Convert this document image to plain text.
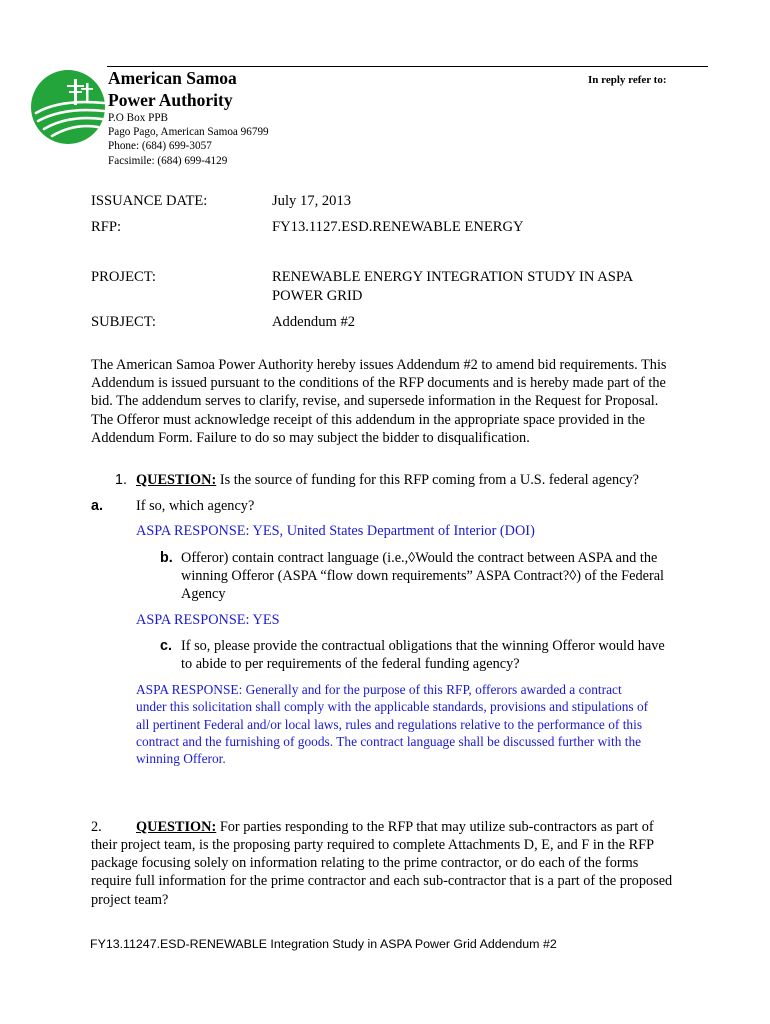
American Samoa
Power Authority
In reply refer to:
P.O Box PPB
Pago Pago, American Samoa 96799
Phone: (684) 699-3057
Facsimile: (684) 699-4129
ISSUANCE DATE:	July 17, 2013
RFP:	FY13.1127.ESD.RENEWABLE ENERGY
PROJECT:	RENEWABLE ENERGY INTEGRATION STUDY IN ASPA
POWER GRID
SUBJECT:	Addendum #2
The American Samoa Power Authority hereby issues Addendum #2 to amend bid requirements. This
Addendum is issued pursuant to the conditions of the RFP documents and is hereby made part of the
bid. The addendum serves to clarify, revise, and supersede information in the Request for Proposal.
The Offeror must acknowledge receipt of this addendum in the appropriate space provided in the
Addendum Form. Failure to do so may subject the bidder to disqualification.
1. QUESTION: Is the source of funding for this RFP coming from a U.S. federal agency?
a. If so, which agency?
ASPA RESPONSE: YES, United States Department of Interior (DOI)
b. Offeror) contain contract language (i.e.,◊Would the contract between ASPA and the
winning Offeror (ASPA “flow down requirements” ASPA Contract?◊) of the Federal
Agency
ASPA RESPONSE: YES
c. If so, please provide the contractual obligations that the winning Offeror would have
to abide to per requirements of the federal funding agency?
ASPA RESPONSE: Generally and for the purpose of this RFP, offerors awarded a contract
under this solicitation shall comply with the applicable standards, provisions and stipulations of
all pertinent Federal and/or local laws, rules and regulations relative to the performance of this
contract and the furnishing of goods. The contract language shall be discussed further with the
winning Offeror.
2. QUESTION: For parties responding to the RFP that may utilize sub-contractors as part of
their project team, is the proposing party required to complete Attachments D, E, and F in the RFP
package focusing solely on information relating to the prime contractor, or do each of the forms
require full information for the prime contractor and each sub-contractor that is a part of the proposed
project team?
FY13.11247.ESD-RENEWABLE Integration Study in ASPA Power Grid Addendum #2
